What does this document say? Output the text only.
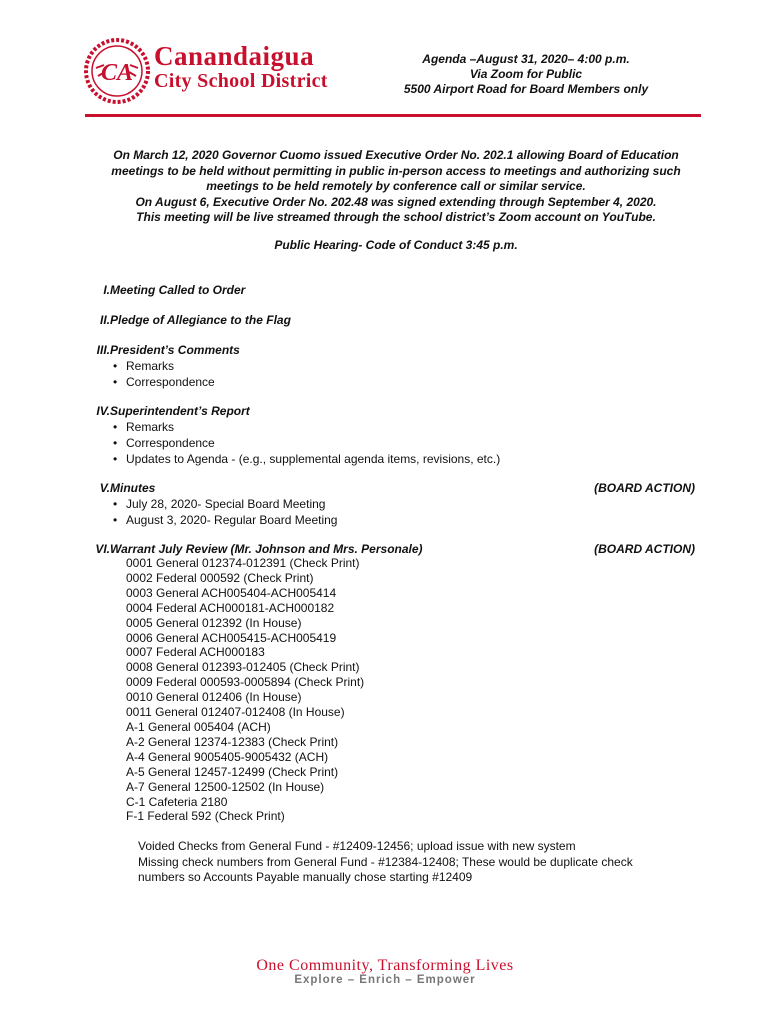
CA
Canandaigua
City School District
Agenda –August 31, 2020– 4:00 p.m.
Via Zoom for Public
5500 Airport Road for Board Members only
On March 12, 2020 Governor Cuomo issued Executive Order No. 202.1 allowing Board of Education
meetings to be held without permitting in public in-person access to meetings and authorizing such
meetings to be held remotely by conference call or similar service.
On August 6, Executive Order No. 202.48 was signed extending through September 4, 2020.
This meeting will be live streamed through the school district’s Zoom account on YouTube.
Public Hearing- Code of Conduct 3:45 p.m.
I. Meeting Called to Order
II. Pledge of Allegiance to the Flag
III. President’s Comments
• Remarks
• Correspondence
IV. Superintendent’s Report
• Remarks
• Correspondence
• Updates to Agenda - (e.g., supplemental agenda items, revisions, etc.)
V. Minutes	(BOARD ACTION)
• July 28, 2020- Special Board Meeting
• August 3, 2020- Regular Board Meeting
VI. Warrant July Review (Mr. Johnson and Mrs. Personale)	(BOARD ACTION)
0001 General 012374-012391 (Check Print)
0002 Federal 000592 (Check Print)
0003 General ACH005404-ACH005414
0004 Federal ACH000181-ACH000182
0005 General 012392 (In House)
0006 General ACH005415-ACH005419
0007 Federal ACH000183
0008 General 012393-012405 (Check Print)
0009 Federal 000593-0005894 (Check Print)
0010 General 012406 (In House)
0011 General 012407-012408 (In House)
A-1 General 005404 (ACH)
A-2 General 12374-12383 (Check Print)
A-4 General 9005405-9005432 (ACH)
A-5 General 12457-12499 (Check Print)
A-7 General 12500-12502 (In House)
C-1 Cafeteria 2180
F-1 Federal 592 (Check Print)
Voided Checks from General Fund - #12409-12456; upload issue with new system
Missing check numbers from General Fund - #12384-12408; These would be duplicate check
numbers so Accounts Payable manually chose starting #12409
One Community, Transforming Lives
Explore – Enrich – Empower
